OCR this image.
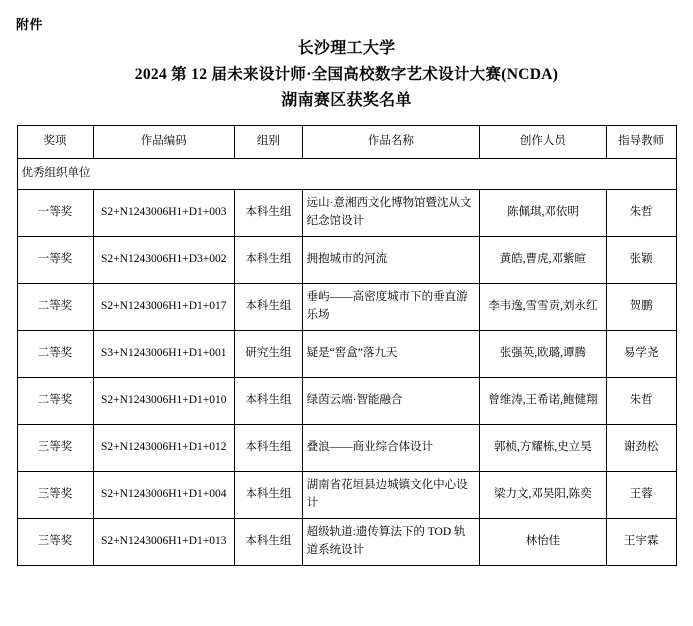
附件
长沙理工大学
2024 第 12 届未来设计师·全国高校数字艺术设计大赛(NCDA)
湖南赛区获奖名单
奖项	作品编码	组别	作品名称	创作人员	指导教师
优秀组织单位					
一等奖	S2+N1243006H1+D1+003	本科生组	远山·意湘西文化博物馆暨沈从文纪念馆设计	陈佩琪,邓依明	朱哲
一等奖	S2+N1243006H1+D3+002	本科生组	拥抱城市的河流	黄皓,曹虎,邓紫暄	张颖
二等奖	S2+N1243006H1+D1+017	本科生组	垂屿——高密度城市下的垂直游乐场	李韦逸,雪雪贡,刘永红	贺鹏
二等奖	S3+N1243006H1+D1+001	研究生组	疑是“窖盒”落九天	张强英,欧璐,谭腾	易学尧
二等奖	S2+N1243006H1+D1+010	本科生组	绿茵云端·智能融合	曾维涛,王希诺,鲍健翔	朱哲
三等奖	S2+N1243006H1+D1+012	本科生组	叠浪——商业综合体设计	郭桢,方耀栋,史立昊	谢劲松
三等奖	S2+N1243006H1+D1+004	本科生组	湖南省花垣县边城镇文化中心设计	梁力文,邓昊阳,陈奕	王蓉
三等奖	S2+N1243006H1+D1+013	本科生组	超级轨道:遗传算法下的 TOD 轨道系统设计	林怡佳	王宇霖
